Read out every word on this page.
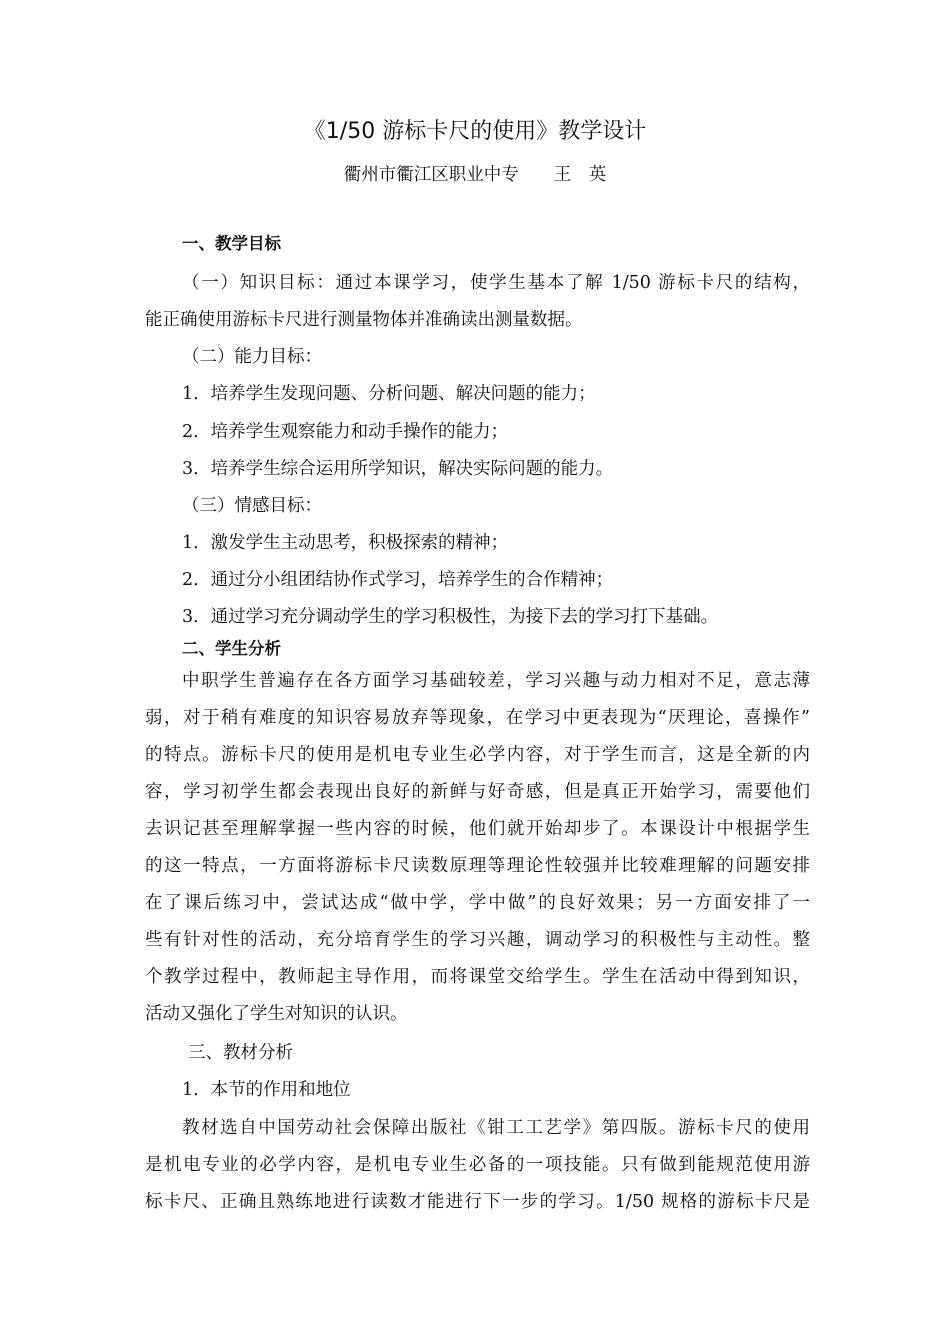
《1/50 游标卡尺的使用》教学设计
衢州市衢江区职业中专　　王　英
一、教学目标
（一）知识目标：通过本课学习，使学生基本了解 1/50 游标卡尺的结构，
能正确使用游标卡尺进行测量物体并准确读出测量数据。
（二）能力目标：
1．培养学生发现问题、分析问题、解决问题的能力；
2．培养学生观察能力和动手操作的能力；
3．培养学生综合运用所学知识，解决实际问题的能力。
（三）情感目标：
1．激发学生主动思考，积极探索的精神；
2．通过分小组团结协作式学习，培养学生的合作精神；
3．通过学习充分调动学生的学习积极性，为接下去的学习打下基础。
二、学生分析
中职学生普遍存在各方面学习基础较差，学习兴趣与动力相对不足，意志薄
弱，对于稍有难度的知识容易放弃等现象，在学习中更表现为“厌理论，喜操作”
的特点。游标卡尺的使用是机电专业生必学内容，对于学生而言，这是全新的内
容，学习初学生都会表现出良好的新鲜与好奇感，但是真正开始学习，需要他们
去识记甚至理解掌握一些内容的时候，他们就开始却步了。本课设计中根据学生
的这一特点，一方面将游标卡尺读数原理等理论性较强并比较难理解的问题安排
在了课后练习中，尝试达成“做中学，学中做”的良好效果；另一方面安排了一
些有针对性的活动，充分培育学生的学习兴趣，调动学习的积极性与主动性。整
个教学过程中，教师起主导作用，而将课堂交给学生。学生在活动中得到知识，
活动又强化了学生对知识的认识。
三、教材分析
1．本节的作用和地位
教材选自中国劳动社会保障出版社《钳工工艺学》第四版。游标卡尺的使用
是机电专业的必学内容，是机电专业生必备的一项技能。只有做到能规范使用游
标卡尺、正确且熟练地进行读数才能进行下一步的学习。1/50 规格的游标卡尺是
